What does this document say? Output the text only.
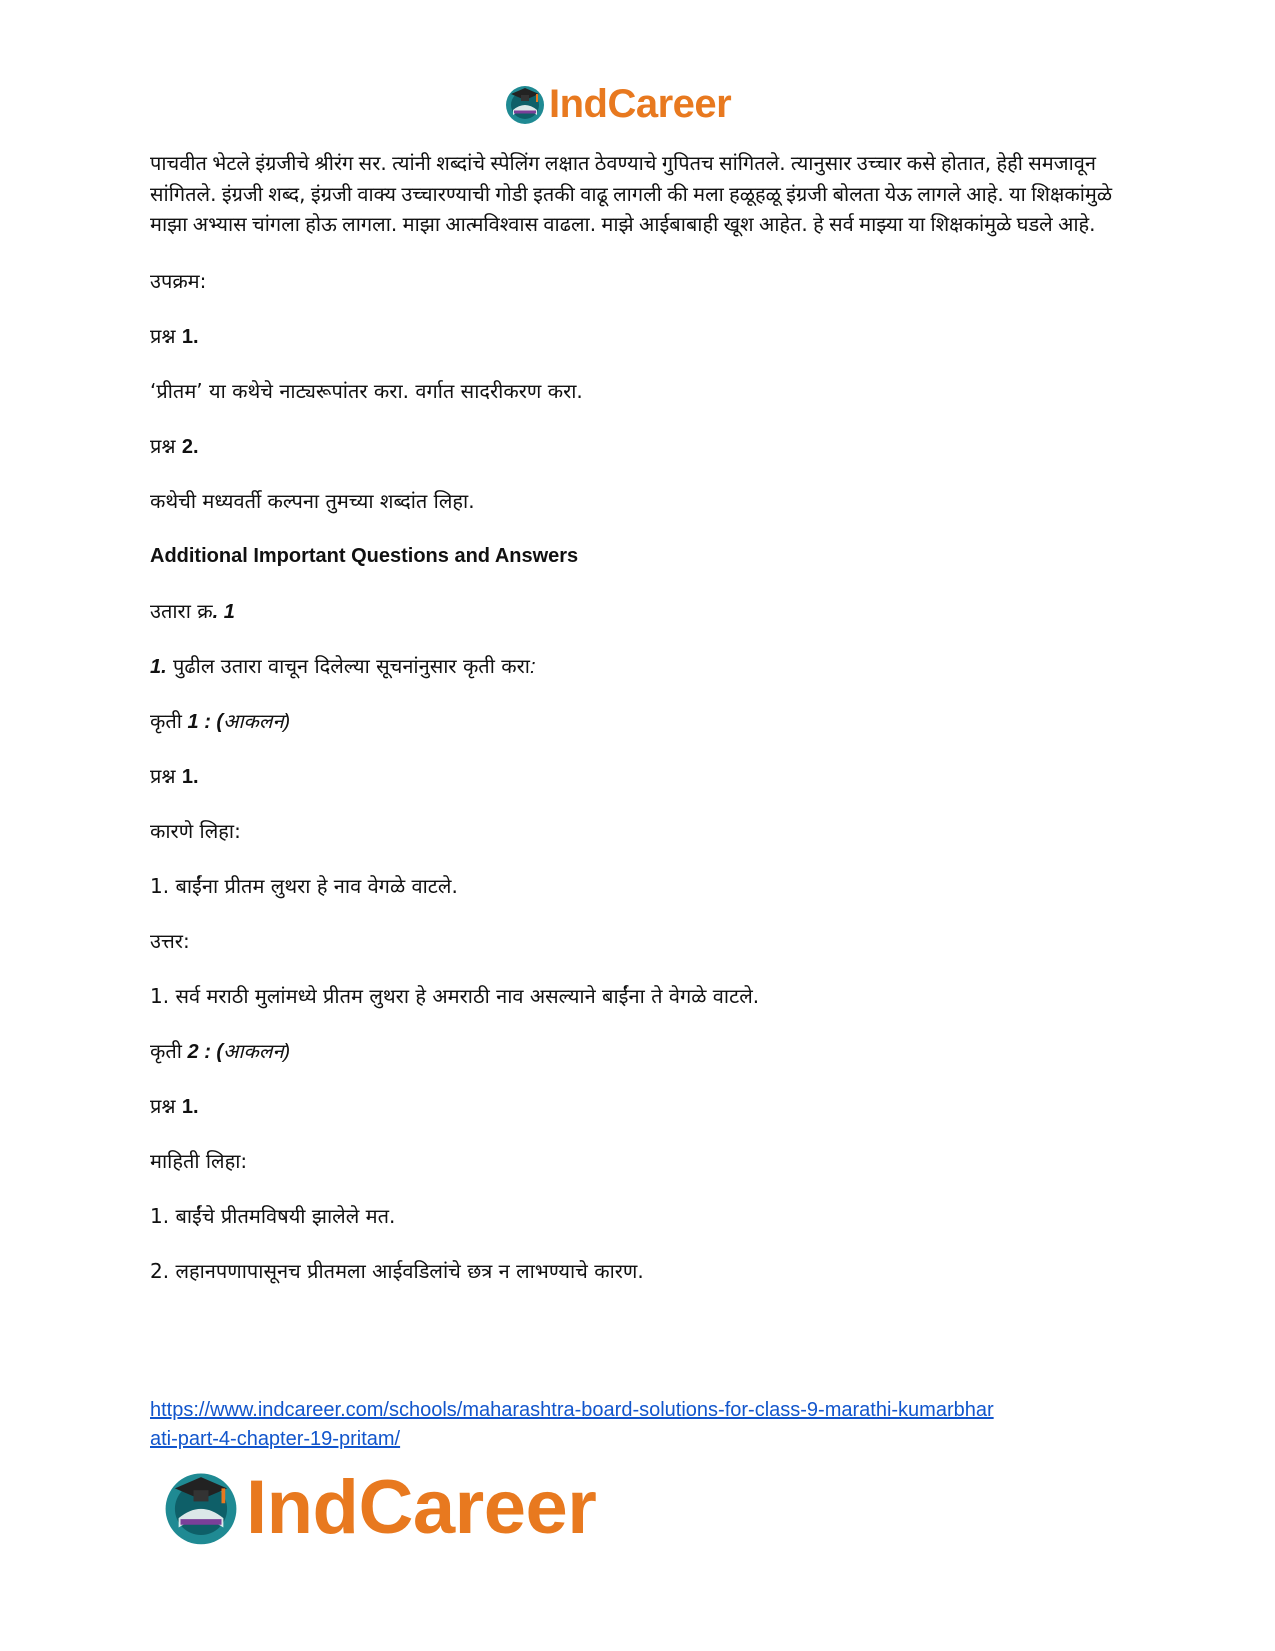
IndCareer

पाचवीत भेटले इंग्रजीचे श्रीरंग सर. त्यांनी शब्दांचे स्पेलिंग लक्षात ठेवण्याचे गुपितच सांगितले. त्यानुसार उच्चार कसे होतात, हेही समजावून सांगितले. इंग्रजी शब्द, इंग्रजी वाक्य उच्चारण्याची गोडी इतकी वाढू लागली की मला हळूहळू इंग्रजी बोलता येऊ लागले आहे. या शिक्षकांमुळे माझा अभ्यास चांगला होऊ लागला. माझा आत्मविश्वास वाढला. माझे आईबाबाही खूश आहेत. हे सर्व माझ्या या शिक्षकांमुळे घडले आहे.

उपक्रम:
प्रश्न 1.
‘प्रीतम’ या कथेचे नाट्यरूपांतर करा. वर्गात सादरीकरण करा.
प्रश्न 2.
कथेची मध्यवर्ती कल्पना तुमच्या शब्दांत लिहा.
Additional Important Questions and Answers
उतारा क्र. 1
1. पुढील उतारा वाचून दिलेल्या सूचनांनुसार कृती करा:
कृती 1 : (आकलन)
प्रश्न 1.
कारणे लिहा:
1. बाईंना प्रीतम लुथरा हे नाव वेगळे वाटले.
उत्तर:
1. सर्व मराठी मुलांमध्ये प्रीतम लुथरा हे अमराठी नाव असल्याने बाईंना ते वेगळे वाटले.
कृती 2 : (आकलन)
प्रश्न 1.
माहिती लिहा:
1. बाईंचे प्रीतमविषयी झालेले मत.
2. लहानपणापासूनच प्रीतमला आईवडिलांचे छत्र न लाभण्याचे कारण.
https://www.indcareer.com/schools/maharashtra-board-solutions-for-class-9-marathi-kumarbhar
ati-part-4-chapter-19-pritam/
IndCareer
